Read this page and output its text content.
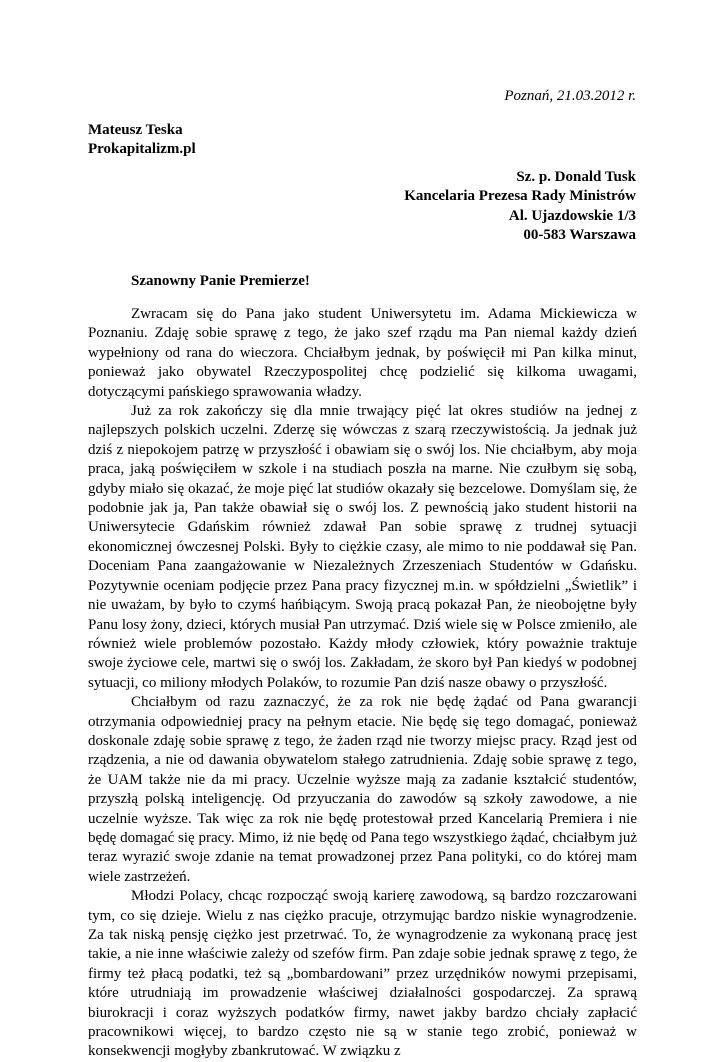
Poznań, 21.03.2012 r.
Mateusz Teska
Prokapitalizm.pl
Sz. p. Donald Tusk
Kancelaria Prezesa Rady Ministrów
Al. Ujazdowskie 1/3
00-583 Warszawa
Szanowny Panie Premierze!

Zwracam się do Pana jako student Uniwersytetu im. Adama Mickiewicza w Poznaniu. Zdaję sobie sprawę z tego, że jako szef rządu ma Pan niemal każdy dzień wypełniony od rana do wieczora. Chciałbym jednak, by poświęcił mi Pan kilka minut, ponieważ jako obywatel Rzeczypospolitej chcę podzielić się kilkoma uwagami, dotyczącymi pańskiego sprawowania władzy.

Już za rok zakończy się dla mnie trwający pięć lat okres studiów na jednej z najlepszych polskich uczelni. Zderzę się wówczas z szarą rzeczywistością. Ja jednak już dziś z niepokojem patrzę w przyszłość i obawiam się o swój los. Nie chciałbym, aby moja praca, jaką poświęciłem w szkole i na studiach poszła na marne. Nie czułbym się sobą, gdyby miało się okazać, że moje pięć lat studiów okazały się bezcelowe. Domyślam się, że podobnie jak ja, Pan także obawiał się o swój los. Z pewnością jako student historii na Uniwersytecie Gdańskim również zdawał Pan sobie sprawę z trudnej sytuacji ekonomicznej ówczesnej Polski. Były to ciężkie czasy, ale mimo to nie poddawał się Pan. Doceniam Pana zaangażowanie w Niezależnych Zrzeszeniach Studentów w Gdańsku. Pozytywnie oceniam podjęcie przez Pana pracy fizycznej m.in. w spółdzielni „Świetlik” i nie uważam, by było to czymś hańbiącym. Swoją pracą pokazał Pan, że nieobojętne były Panu losy żony, dzieci, których musiał Pan utrzymać. Dziś wiele się w Polsce zmieniło, ale również wiele problemów pozostało. Każdy młody człowiek, który poważnie traktuje swoje życiowe cele, martwi się o swój los. Zakładam, że skoro był Pan kiedyś w podobnej sytuacji, co miliony młodych Polaków, to rozumie Pan dziś nasze obawy o przyszłość.

Chciałbym od razu zaznaczyć, że za rok nie będę żądać od Pana gwarancji otrzymania odpowiedniej pracy na pełnym etacie. Nie będę się tego domagać, ponieważ doskonale zdaję sobie sprawę z tego, że żaden rząd nie tworzy miejsc pracy. Rząd jest od rządzenia, a nie od dawania obywatelom stałego zatrudnienia. Zdaję sobie sprawę z tego, że UAM także nie da mi pracy. Uczelnie wyższe mają za zadanie kształcić studentów, przyszłą polską inteligencję. Od przyuczania do zawodów są szkoły zawodowe, a nie uczelnie wyższe. Tak więc za rok nie będę protestował przed Kancelarią Premiera i nie będę domagać się pracy. Mimo, iż nie będę od Pana tego wszystkiego żądać, chciałbym już teraz wyrazić swoje zdanie na temat prowadzonej przez Pana polityki, co do której mam wiele zastrzeżeń.

Młodzi Polacy, chcąc rozpocząć swoją karierę zawodową, są bardzo rozczarowani tym, co się dzieje. Wielu z nas ciężko pracuje, otrzymując bardzo niskie wynagrodzenie. Za tak niską pensję ciężko jest przetrwać. To, że wynagrodzenie za wykonaną pracę jest takie, a nie inne właściwie zależy od szefów firm. Pan zdaje sobie jednak sprawę z tego, że firmy też płacą podatki, też są „bombardowani” przez urzędników nowymi przepisami, które utrudniają im prowadzenie właściwej działalności gospodarczej. Za sprawą biurokracji i coraz wyższych podatków firmy, nawet jakby bardzo chciały zapłacić pracownikowi więcej, to bardzo często nie są w stanie tego zrobić, ponieważ w konsekwencji mogłyby zbankrutować. W związku z
